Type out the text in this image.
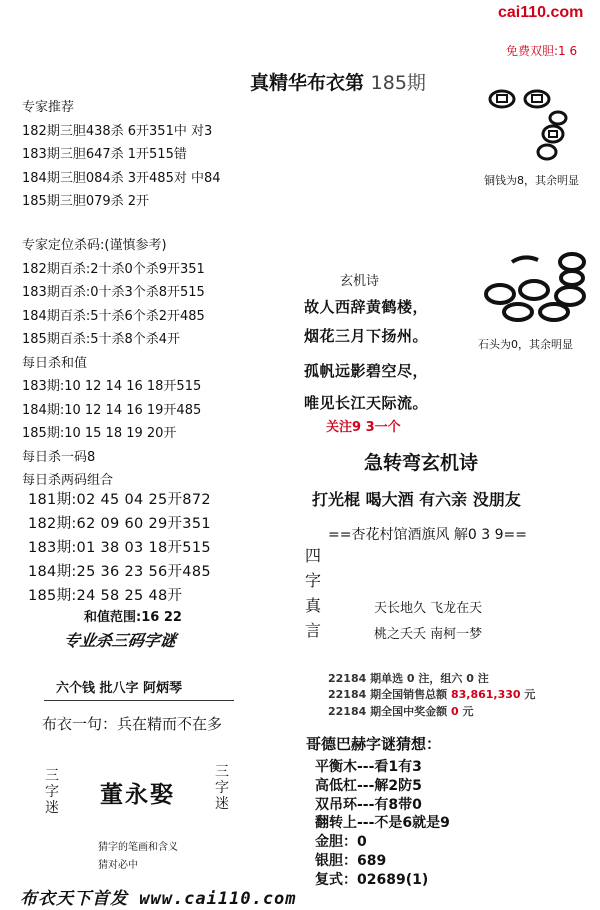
cai110.com
免费双胆:1 6
真精华布衣第 185期
专家推荐
182期三胆438杀 6开351中 对3
183期三胆647杀 1开515错
184期三胆084杀 3开485对 中84
185期三胆079杀 2开
专家定位杀码:(谨慎参考)
182期百杀:2十杀0个杀9开351
183期百杀:0十杀3个杀8开515
184期百杀:5十杀6个杀2开485
185期百杀:5十杀8个杀4开
每日杀和值
183期:10 12 14 16 18开515
184期:10 12 14 16 19开485
185期:10 15 18 19 20开
每日杀一码8
每日杀两码组合
181期:02 45 04 25开872
182期:62 09 60 29开351
183期:01 38 03 18开515
184期:25 36 23 56开485
185期:24 58 25 48开
和值范围:16 22
专业杀三码字谜
六个钱 批八字 阿炳琴
布衣一句：兵在精而不在多
三字迷 董永娶
三字迷
猜字的笔画和含义
猜对必中
布衣天下首发 www.cai110.com
铜钱为8，其余明显
石头为0，其余明显
玄机诗
故人西辞黄鹤楼，
烟花三月下扬州。
孤帆远影碧空尽，
唯见长江天际流。
关注9 3一个
急转弯玄机诗
打光棍 喝大酒 有六亲 没朋友
==杏花村馆酒旗风 解0 3 9==
四
字
真
言
天长地久 飞龙在天
桃之夭夭 南柯一梦
22184 期单选 0 注，组六 0 注
22184 期全国销售总额 83,861,330 元
22184 期全国中奖金额 0 元
哥德巴赫字谜猜想：
平衡木---看1有3
高低杠---解2防5
双吊环---有8带0
翻转上---不是6就是9
金胆：0
银胆：689
复式：02689(1)
